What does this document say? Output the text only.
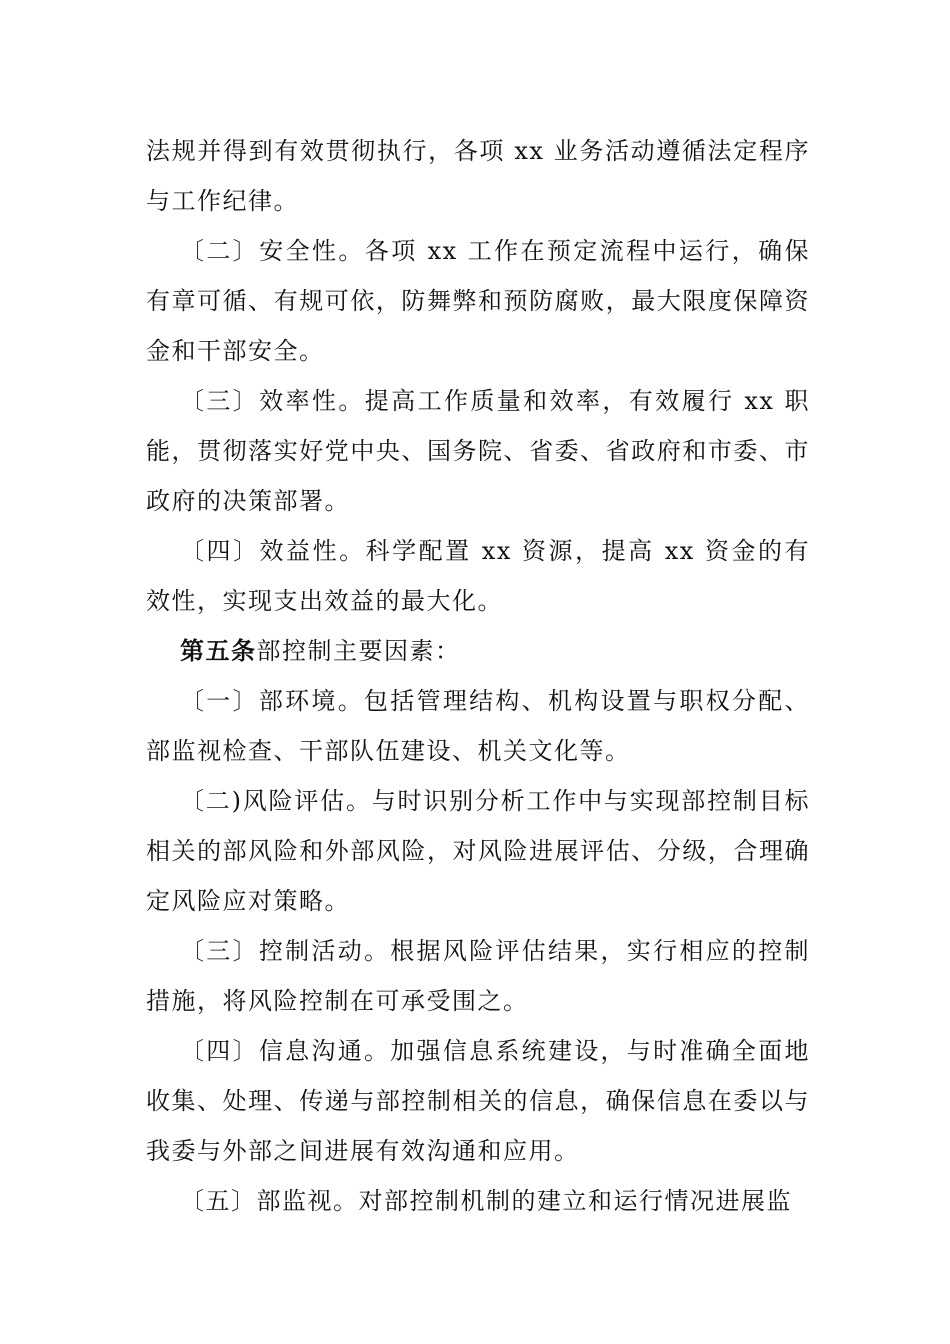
法规并得到有效贯彻执行，各项 xx 业务活动遵循法定程序与工作纪律。

〔二〕安全性。各项 xx 工作在预定流程中运行，确保有章可循、有规可依，防舞弊和预防腐败，最大限度保障资金和干部安全。

〔三〕效率性。提高工作质量和效率，有效履行 xx 职能，贯彻落实好党中央、国务院、省委、省政府和市委、市政府的决策部署。

〔四〕效益性。科学配置 xx 资源，提高 xx 资金的有效性，实现支出效益的最大化。

第五条部控制主要因素：

〔一〕部环境。包括管理结构、机构设置与职权分配、部监视检查、干部队伍建设、机关文化等。

〔二)风险评估。与时识别分析工作中与实现部控制目标相关的部风险和外部风险，对风险进展评估、分级，合理确定风险应对策略。

〔三〕控制活动。根据风险评估结果，实行相应的控制措施，将风险控制在可承受围之。

〔四〕信息沟通。加强信息系统建设，与时准确全面地收集、处理、传递与部控制相关的信息，确保信息在委以与我委与外部之间进展有效沟通和应用。

〔五〕部监视。对部控制机制的建立和运行情况进展监
